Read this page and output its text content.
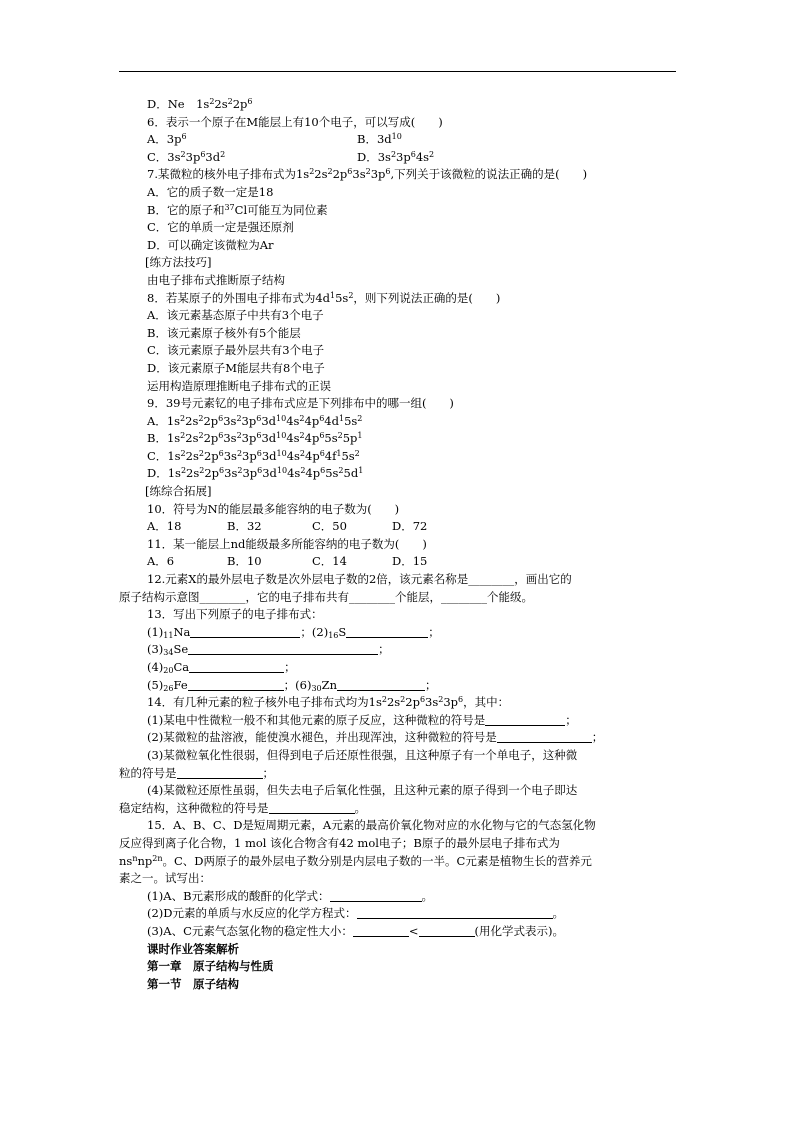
D．Ne　$1s^22s^22p^6$
6．表示一个原子在M能层上有10个电子，可以写成(　　)
A．$3p^6$	B．$3d^{10}$
C．$3s^23p^63d^2$	D．$3s^23p^64s^2$
7.某微粒的核外电子排布式为$1s^22s^22p^63s^23p^6$,下列关于该微粒的说法正确的是(　　)
A．它的质子数一定是18
B．它的原子和$^{37}$Cl可能互为同位素
C．它的单质一定是强还原剂
D．可以确定该微粒为Ar
[练方法技巧]
由电子排布式推断原子结构
8．若某原子的外围电子排布式为$4d^15s^2$，则下列说法正确的是(　　)
A．该元素基态原子中共有3个电子
B．该元素原子核外有5个能层
C．该元素原子最外层共有3个电子
D．该元素原子M能层共有8个电子
运用构造原理推断电子排布式的正误
9．39号元素钇的电子排布式应是下列排布中的哪一组(　　)
A．$1s^22s^22p^63s^23p^63d^{10}4s^24p^64d^15s^2$
B．$1s^22s^22p^63s^23p^63d^{10}4s^24p^65s^25p^1$
C．$1s^22s^22p^63s^23p^63d^{10}4s^24p^64f^15s^2$
D．$1s^22s^22p^63s^23p^63d^{10}4s^24p^65s^25d^1$
[练综合拓展]
10．符号为N的能层最多能容纳的电子数为(　　)
A．18	B．32	C．50	D．72
11．某一能层上nd能级最多所能容纳的电子数为(　　)
A．6	B．10	C．14	D．15
12.元素X的最外层电子数是次外层电子数的2倍，该元素名称是________，画出它的
原子结构示意图________，它的电子排布共有________个能层，________个能级。
13．写出下列原子的电子排布式：
$(1)_{11}Na$	；$(2)_{16}S$	；
$(3)_{34}Se$	；
$(4)_{20}Ca$	；
$(5)_{26}Fe$	；$(6)_{30}Zn$	；
14．有几种元素的粒子核外电子排布式均为$1s^22s^22p^63s^23p^6$，其中：
(1)某电中性微粒一般不和其他元素的原子反应，这种微粒的符号是	；
(2)某微粒的盐溶液，能使溴水褪色，并出现浑浊，这种微粒的符号是	；
(3)某微粒氧化性很弱，但得到电子后还原性很强，且这种原子有一个单电子，这种微
粒的符号是	；
(4)某微粒还原性虽弱，但失去电子后氧化性强，且这种元素的原子得到一个电子即达
稳定结构，这种微粒的符号是	。
15．A、B、C、D是短周期元素，A元素的最高价氧化物对应的水化物与它的气态氢化物
反应得到离子化合物，1 mol 该化合物含有42 mol电子；B原子的最外层电子排布式为
$ns^nnp^{2n}$。C、D两原子的最外层电子数分别是内层电子数的一半。C元素是植物生长的营养元
素之一。试写出：
(1)A、B元素形成的酸酐的化学式：	。
(2)D元素的单质与水反应的化学方程式：	。
(3)A、C元素气态氢化物的稳定性大小：	<	(用化学式表示)。
课时作业答案解析
第一章　原子结构与性质
第一节　原子结构
